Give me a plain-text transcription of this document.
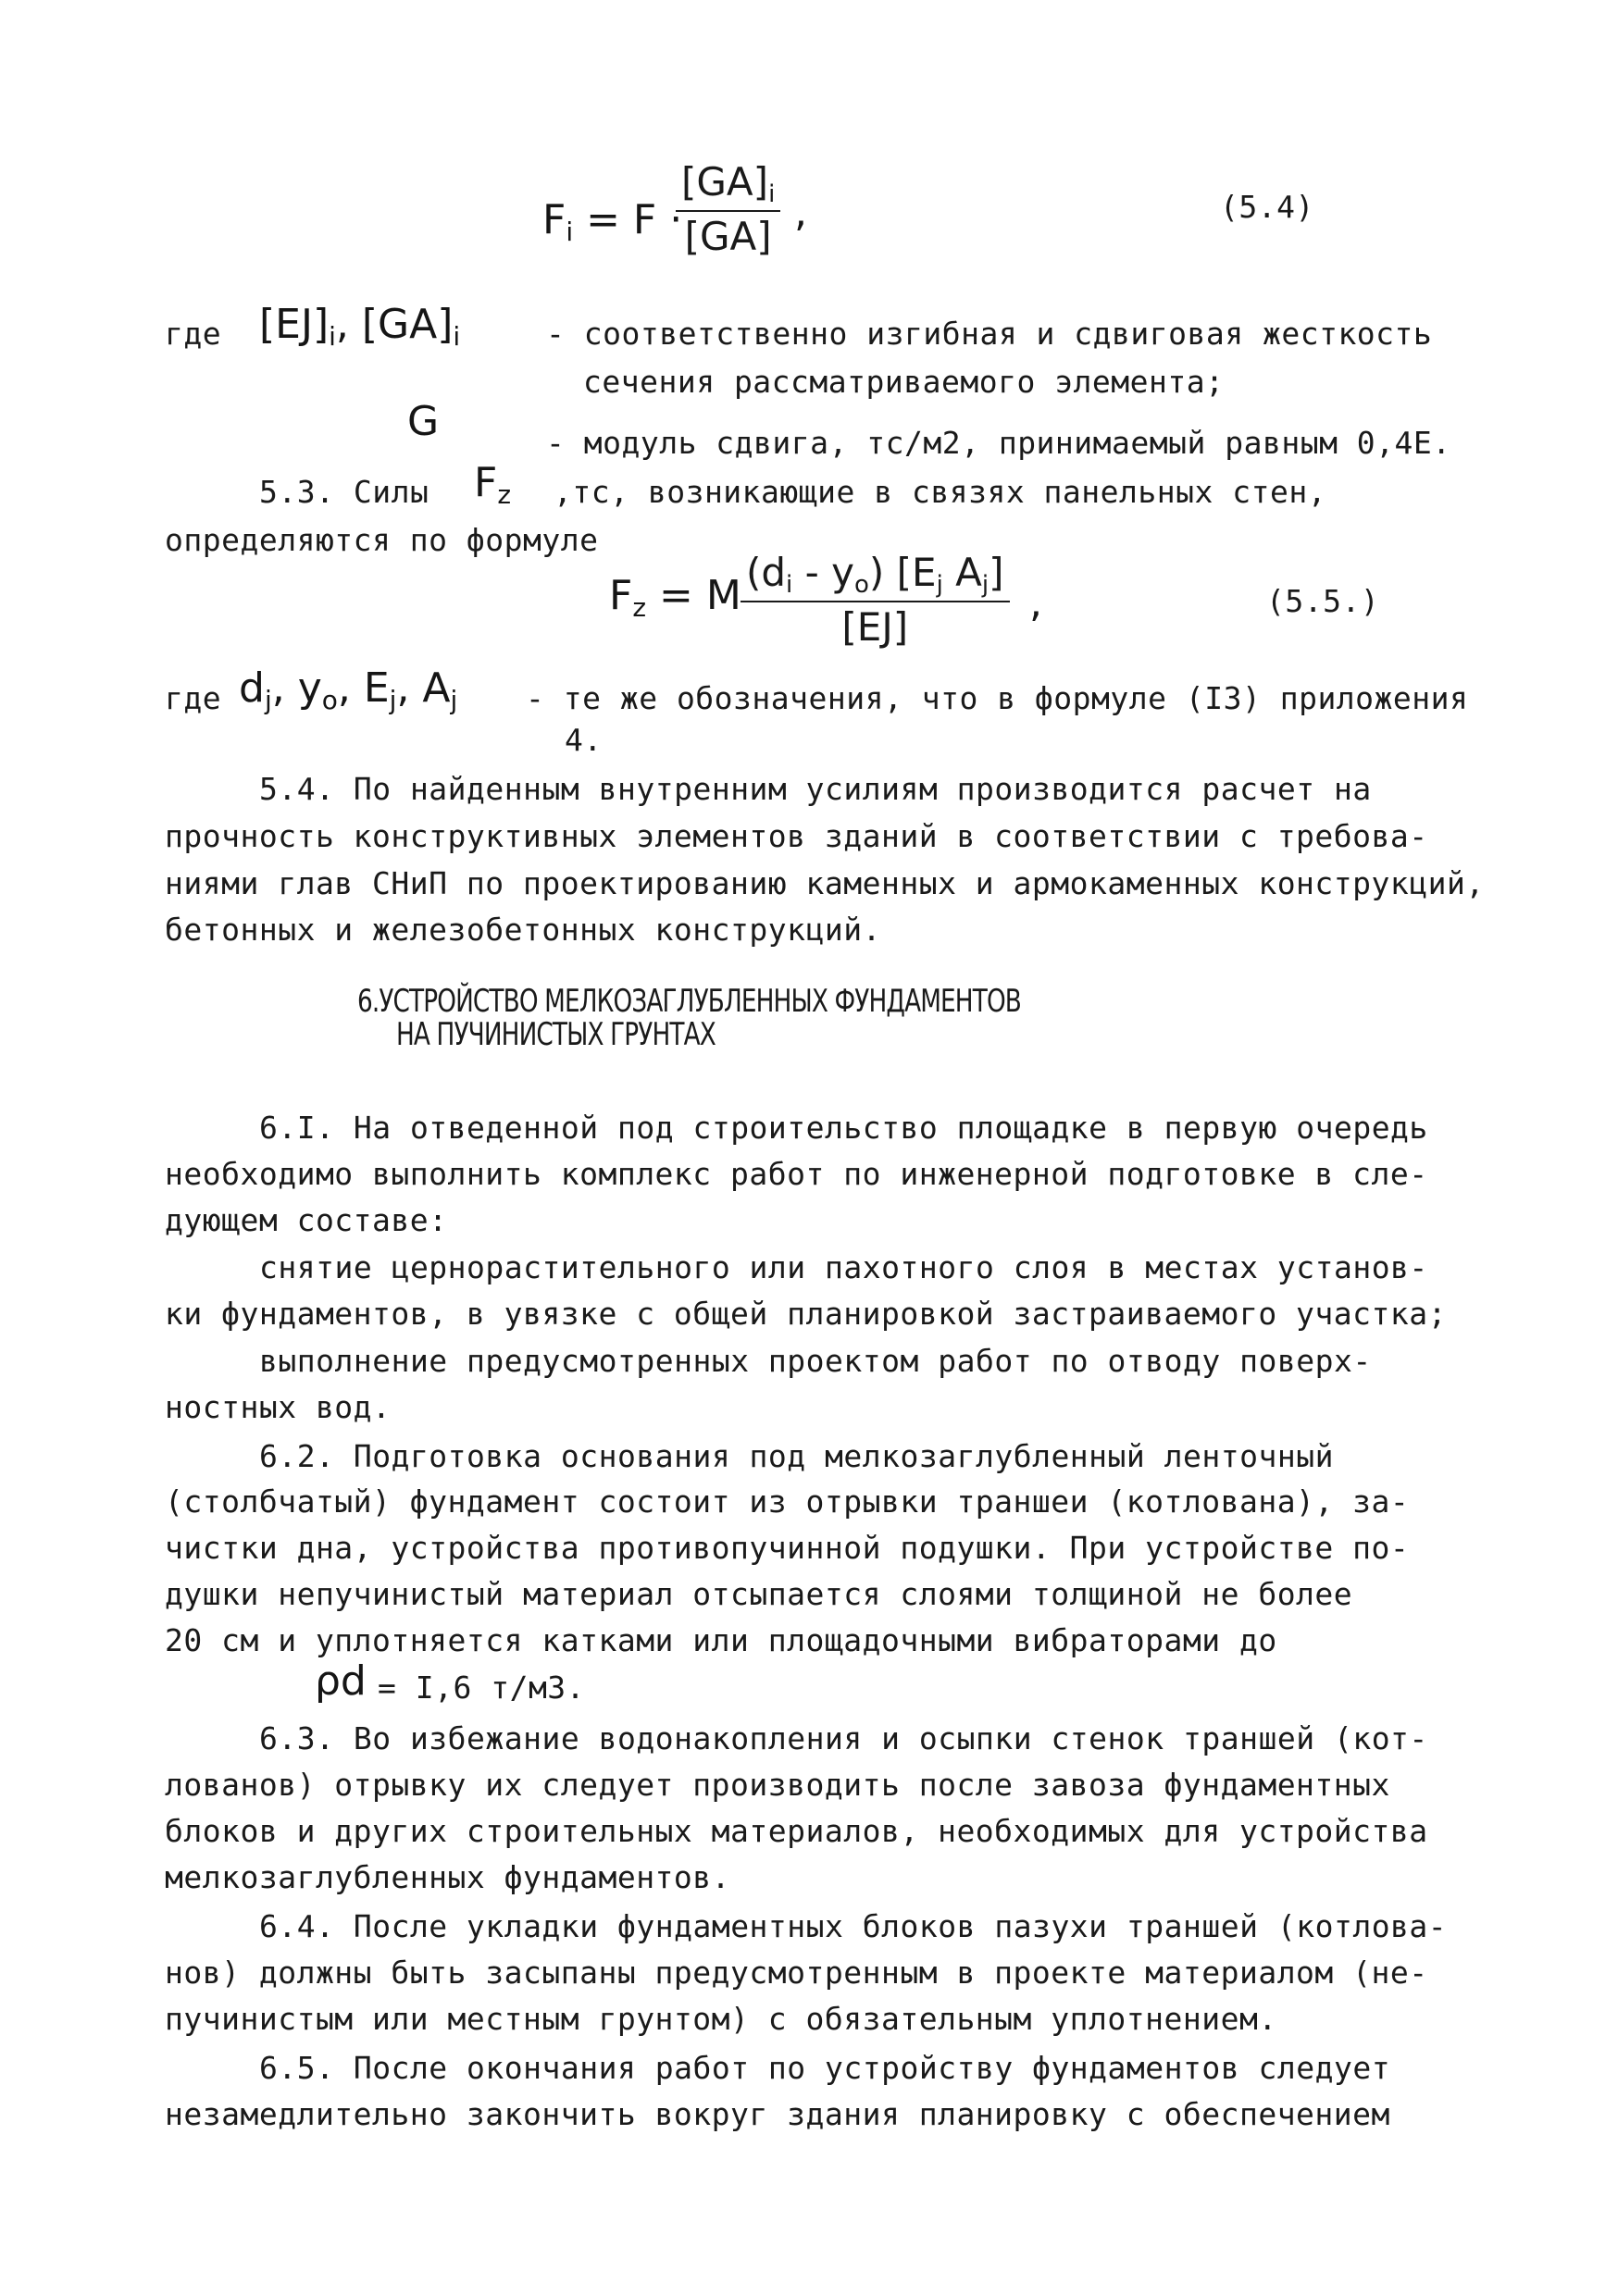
$F_i = F$ ·
$\frac{[GA]_i}{[GA]}$ ,	(5.4)
где $[EJ]_i$, $[GA]_i$	- соответственно изгибная и сдвиговая жесткость
сечения рассматриваемого элемента;
G	- модуль сдвига, тс/м2, принимаемый равным 0,4Е.
5.3. Силы $F_z$ ,тс, возникающие в связях панельных стен,
определяются по формуле
$F_z = M \frac{(d_i - y_o) [E_j A_j]}{[EJ]}$ ,	(5.5.)
где $d_j$, $y_o$, $E_j$, $A_j$ - те же обозначения, что в формуле (I3) приложения
4.
5.4. По найденным внутренним усилиям производится расчет на
прочность конструктивных элементов зданий в соответствии с требова-
ниями глав СНиП по проектированию каменных и армокаменных конструкций,
бетонных и железобетонных конструкций.
6.УСТРОЙСТВО МЕЛКОЗАГЛУБЛЕННЫХ ФУНДАМЕНТОВ
НА ПУЧИНИСТЫХ ГРУНТАХ
6.I. На отведенной под строительство площадке в первую очередь
необходимо выполнить комплекс работ по инженерной подготовке в сле-
дующем составе:
снятие цернорастительного или пахотного слоя в местах установ-
ки фундаментов, в увязке с общей планировкой застраиваемого участка;
выполнение предусмотренных проектом работ по отводу поверх-
ностных вод.
6.2. Подготовка основания под мелкозаглубленный ленточный
(столбчатый) фундамент состоит из отрывки траншеи (котлована), за-
чистки дна, устройства противопучинной подушки. При устройстве по-
душки непучинистый материал отсыпается слоями толщиной не более
20 см и уплотняется катками или площадочными вибраторами до
ρd = I,6 т/м3.
6.3. Во избежание водонакопления и осыпки стенок траншей (кот-
лованов) отрывку их следует производить после завоза фундаментных
блоков и других строительных материалов, необходимых для устройства
мелкозаглубленных фундаментов.
6.4. После укладки фундаментных блоков пазухи траншей (котлова-
нов) должны быть засыпаны предусмотренным в проекте материалом (не-
пучинистым или местным грунтом) с обязательным уплотнением.
6.5. После окончания работ по устройству фундаментов следует
незамедлительно закончить вокруг здания планировку с обеспечением
